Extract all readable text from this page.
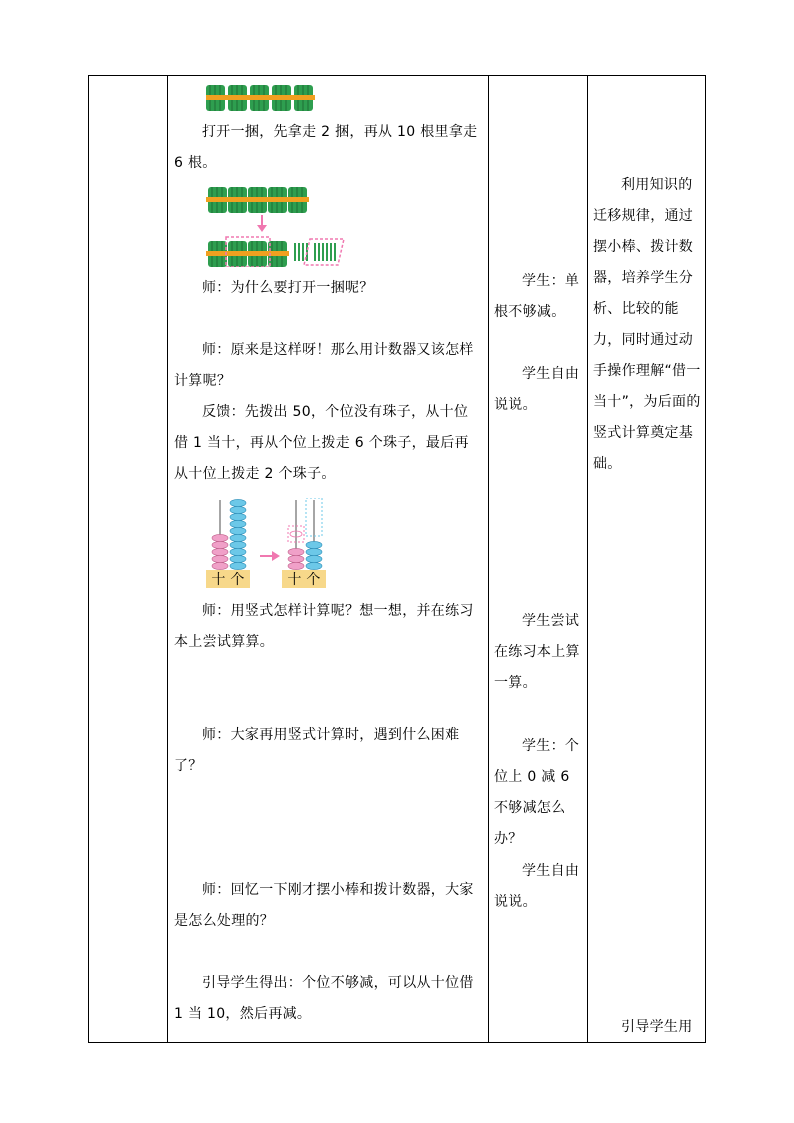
打开一捆，先拿走 2 捆，再从 10 根里拿走 6 根。

师：为什么要打开一捆呢？

师：原来是这样呀！那么用计数器又该怎样计算呢？

反馈：先拨出 50，个位没有珠子，从十位借 1 当十，再从个位上拨走 6 个珠子，最后再从十位上拨走 2 个珠子。

十 个	十 个

师：用竖式怎样计算呢？想一想，并在练习本上尝试算算。

师：大家再用竖式计算时，遇到什么困难了？

师：回忆一下刚才摆小棒和拨计数器，大家是怎么处理的？

引导学生得出：个位不够减，可以从十位借 1 当 10，然后再减。

学生：单根不够减。

学生自由说说。

学生尝试在练习本上算一算。

学生：个位上 0 减 6 不够减怎么办？

学生自由说说。

利用知识的迁移规律，通过摆小棒、拨计数器，培养学生分析、比较的能力，同时通过动手操作理解“借一当十”，为后面的竖式计算奠定基础。

引导学生用
